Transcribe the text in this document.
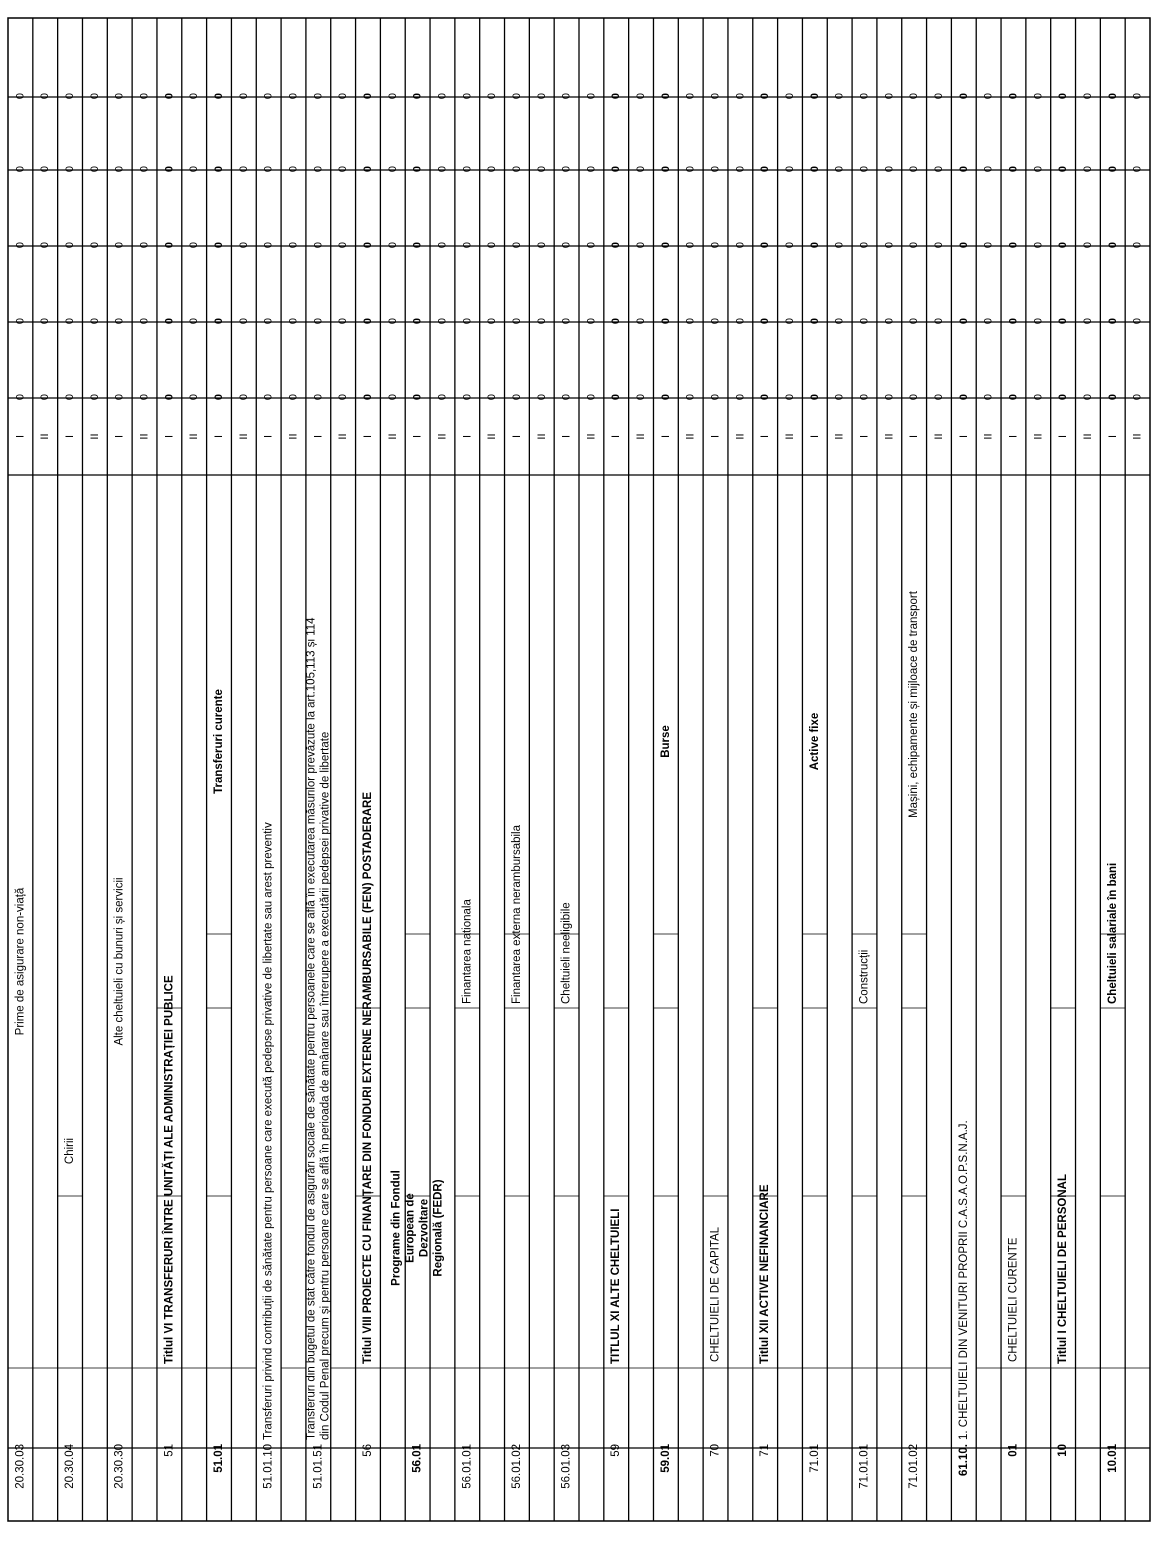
Prime de asigurare non-viață
20.30.03
I
0
0
0
0
0
II
0
0
0
0
0
Chirii
20.30.04
I
0
0
0
0
0
II
0
0
0
0
0
Alte cheltuieli cu bunuri și servicii
20.30.30
I
0
0
0
0
0
II
0
0
0
0
0
Titlul VI TRANSFERURI ÎNTRE UNITĂȚI ALE ADMINISTRAȚIEI PUBLICE
51
I
0
0
0
0
0
II
0
0
0
0
0
Transferuri curente
51.01
I
0
0
0
0
0
II
0
0
0
0
0
Transferuri privind contribuții de sănătate pentru persoane care execută pedepse privative de libertate sau arest preventiv
51.01.10
I
0
0
0
0
0
II
0
0
0
0
0
Transferuri din bugetul de stat către fondul de asigurări sociale de sănătate pentru persoanele care se află în executarea măsurilor prevăzute la art.105,113 și 114 din Codul Penal precum și pentru persoane care se află în perioada de amânare sau întrerupere a executării pedepsei privative de libertate
51.01.51
I
0
0
0
0
0
II
0
0
0
0
0
Titlul VIII PROIECTE CU FINANȚARE DIN FONDURI EXTERNE NERAMBURSABILE (FEN) POSTADERARE
56
I
0
0
0
0
0
II
0
0
0
0
0
Programe din Fondul European de Dezvoltare Regională (FEDR)
56.01
I
0
0
0
0
0
II
0
0
0
0
0
Finantarea nationala
56.01.01
I
0
0
0
0
0
II
0
0
0
0
0
Finantarea externa nerambursabila
56.01.02
I
0
0
0
0
0
II
0
0
0
0
0
Cheltuieli neeligibile
56.01.03
I
0
0
0
0
0
II
0
0
0
0
0
TITLUL XI ALTE CHELTUIELI
59
I
0
0
0
0
0
II
0
0
0
0
0
Burse
59.01
I
0
0
0
0
0
II
0
0
0
0
0
CHELTUIELI DE CAPITAL
70
I
0
0
0
0
0
II
0
0
0
0
0
Titlul XII ACTIVE NEFINANCIARE
71
I
0
0
0
0
0
II
0
0
0
0
0
Active fixe
71.01
I
0
0
0
0
0
II
0
0
0
0
0
Construcții
71.01.01
I
0
0
0
0
0
II
0
0
0
0
0
Mașini, echipamente și mijloace de transport
71.01.02
I
0
0
0
0
0
II
0
0
0
0
0
1. CHELTUIELI DIN VENITURI PROPRII C.A.S.A.O.P.S.N.A.J.
61.10.
I
0
0
0
0
0
II
0
0
0
0
0
CHELTUIELI CURENTE
01
I
0
0
0
0
0
II
0
0
0
0
0
Titlul I CHELTUIELI DE PERSONAL
10
I
0
0
0
0
0
II
0
0
0
0
0
Cheltuieli salariale în bani
10.01
I
0
0
0
0
0
II
0
0
0
0
0
